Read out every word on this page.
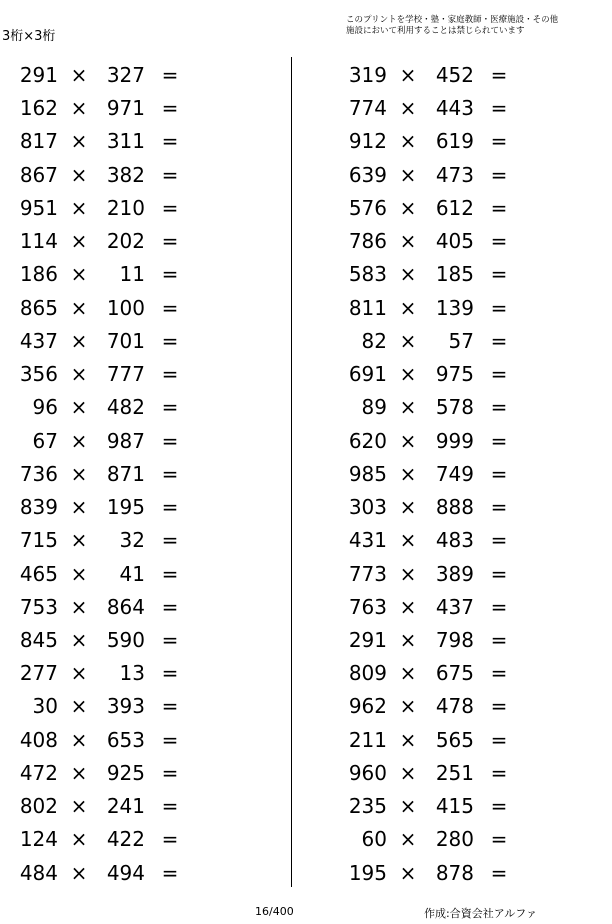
3桁×3桁
このプリントを学校・塾・家庭教師・医療施設・その他
施設において利用することは禁じられています
291 × 327 =
162 × 971 =
817 × 311 =
867 × 382 =
951 × 210 =
114 × 202 =
186 ×	11 =
865 × 100 =
437 × 701 =
356 × 777 =
96 × 482 =
67 × 987 =
736 × 871 =
839 × 195 =
715 ×	32 =
465 ×	41 =
753 × 864 =
845 × 590 =
277 ×	13 =
30 × 393 =
408 × 653 =
472 × 925 =
802 × 241 =
124 × 422 =
484 × 494 =
319 × 452 =
774 × 443 =
912 × 619 =
639 × 473 =
576 × 612 =
786 × 405 =
583 × 185 =
811 × 139 =
82 ×	57 =
691 × 975 =
89 × 578 =
620 × 999 =
985 × 749 =
303 × 888 =
431 × 483 =
773 × 389 =
763 × 437 =
291 × 798 =
809 × 675 =
962 × 478 =
211 × 565 =
960 × 251 =
235 × 415 =
60 × 280 =
195 × 878 =
16/400	作成:合資会社アルファ
